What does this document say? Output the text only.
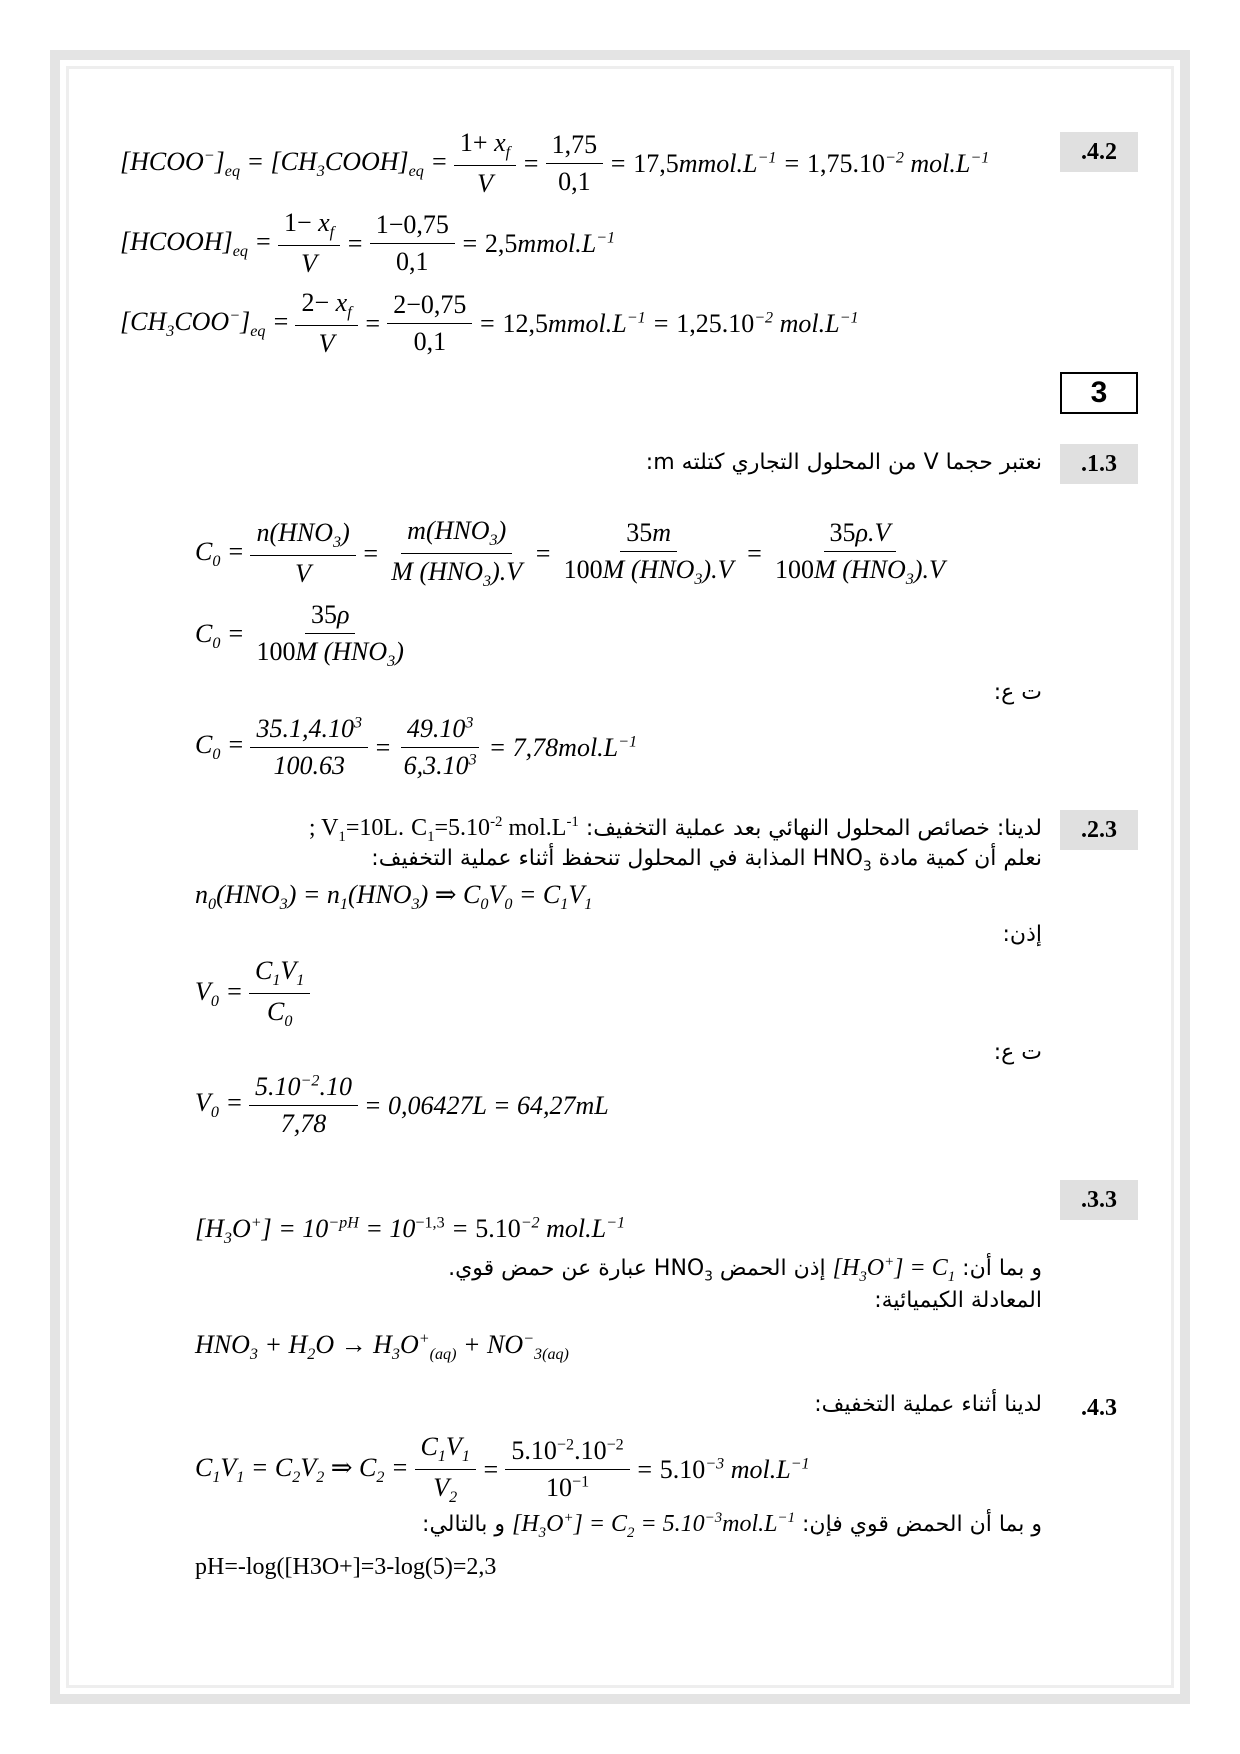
.4.2
$[HCOO^-]_{eq}$ = $[CH_3COOH]_{eq} = \frac{1+ x_f}{V} = \frac{1,75}{0,1}$ = $17,5mmol.L^{-1} = 1,75.10^{-2}$ $mol.L^{-1}$
$[HCOOH]_{eq} = \frac{1- x_f}{V} = \frac{1-0,75}{0,1}$ = $2,5mmol.L^{-1}$
$[CH_3COO^-]_{eq} = \frac{2- x_f}{V} = \frac{2-0,75}{0,1}$ = $12,5mmol.L^{-1} = 1,25.10^{-2}$ $mol.L^{-1}$
3
.1.3
نعتبر حجما V من المحلول التجاري كتلته m:
$C_0 = \frac{n(HNO_3)}{V} = \frac{m(HNO_3)}{M (HNO_3).V} = \frac{35m}{100M (HNO_3).V} = \frac{35\rho.V}{100M (HNO_3).V}$
$C_0 = \frac{35\rho}{100M (HNO_3)}$
ت ع:
$C_0 = \frac{35.1,4.10^3}{100.63} = \frac{49.10^3}{6,3.10^3} = 7,78mol.L^{-1}$
.2.3
لدينا: خصائص المحلول النهائي بعد عملية التخفيف: $C_1=5.10^{-2}$ $mol.L^{-1}$ ; $V_1=10L$.
نعلم أن كمية مادة $HNO_3$ المذابة في المحلول تنحفظ أثناء عملية التخفيف:
$n_0(HNO_3) = n_1(HNO_3)$ ⇒ $C_0V_0 = C_1V_1$
إذن:
$V_0 = \frac{C_1V_1}{C_0}$
ت ع:
$V_0 = \frac{5.10^{-2}.10}{7,78} = 0,06427L = 64,27mL$
.3.3
$[H_3O^+] = 10^{-pH} = 10^{-1,3} = 5.10^{-2}$ $mol.L^{-1}$
و بما أن: $[H_3O^+] = C_1$ إذن الحمض $HNO_3$ عبارة عن حمض قوي.
المعادلة الكيميائية:
$HNO_3 + H_2O \to H_3O^+_{(aq)} + NO^-_{3(aq)}$
.4.3
لدينا أثناء عملية التخفيف:
$C_1V_1 = C_2V_2$ ⇒ $C_2 = \frac{C_1V_1}{V_2} = \frac{5.10^{-2}.10^{-2}}{10^{-1}} = 5.10^{-3}$ $mol.L^{-1}$
و بما أن الحمض قوي فإن: $[H_3O^+] = C_2 = 5.10^{-3}mol.L^{-1}$ و بالتالي:
pH=-log([H3O+]=3-log(5)=2,3
